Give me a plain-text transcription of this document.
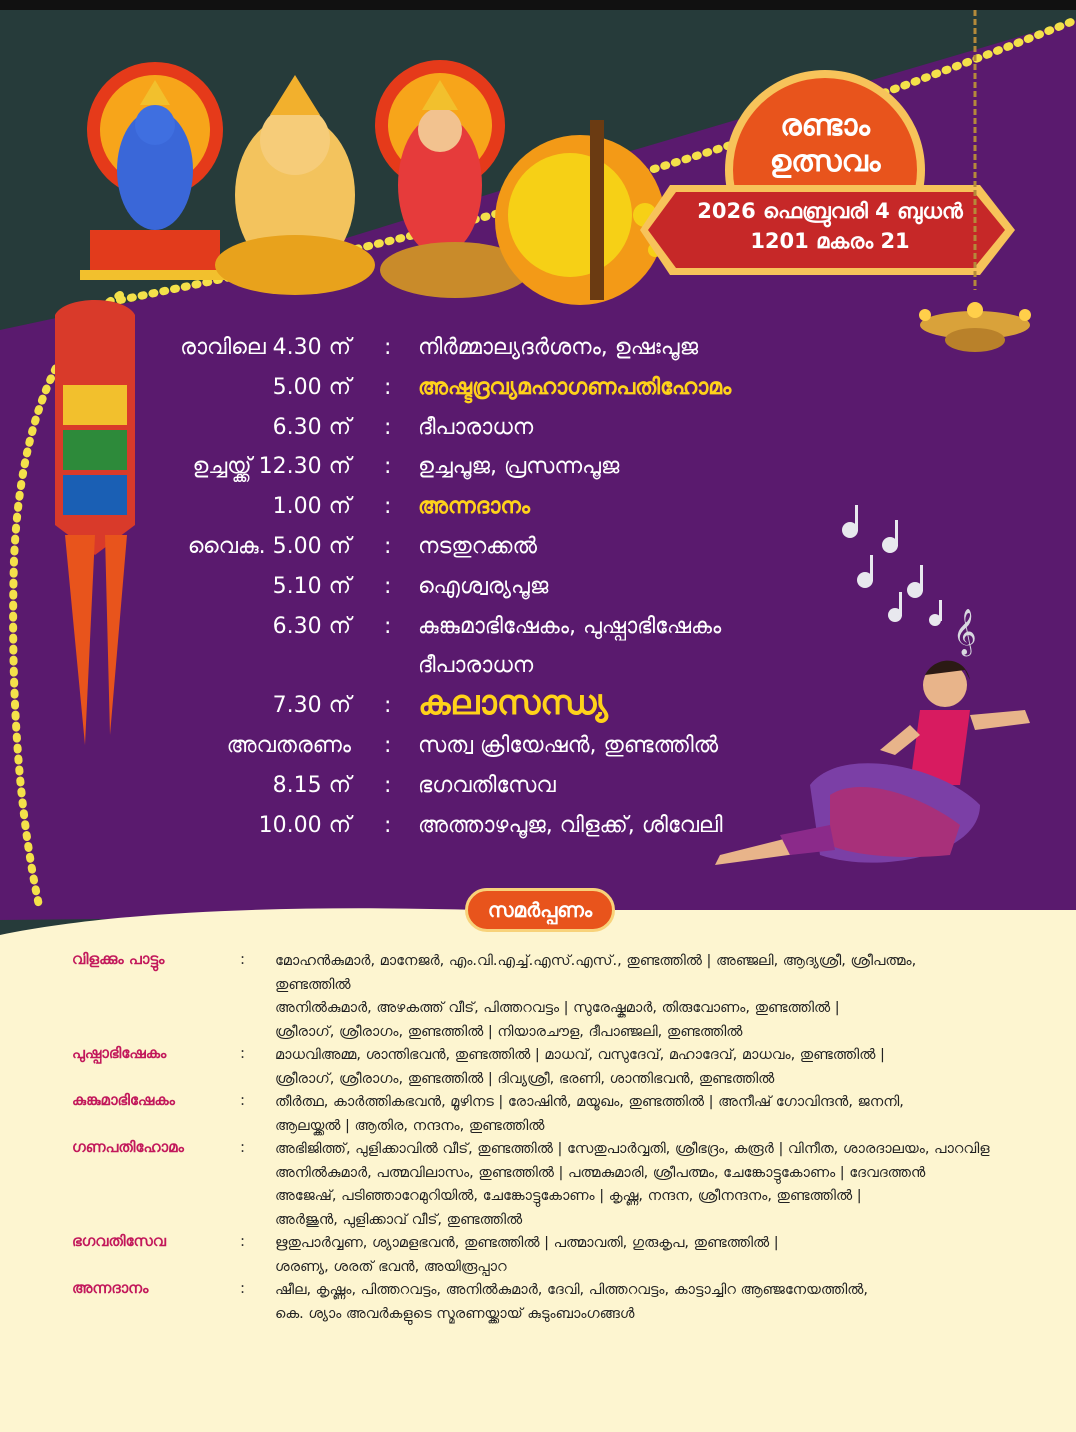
രണ്ടാം
ഉത്സവം
2026 ഫെബ്രുവരി 4 ബുധൻ
1201 മകരം 21
𝄞
രാവിലെ 4.30 ന് : നിർമ്മാല്യദർശനം, ഉഷഃപൂജ
5.00 ന് : അഷ്ടദ്രവ്യമഹാഗണപതിഹോമം
6.30 ന് : ദീപാരാധന
ഉച്ചയ്ക്ക് 12.30 ന് : ഉച്ചപൂജ, പ്രസന്നപൂജ
1.00 ന് : അന്നദാനം
വൈകു. 5.00 ന് : നടതുറക്കൽ
5.10 ന് : ഐശ്വര്യപൂജ
6.30 ന് : കുങ്കുമാഭിഷേകം, പുഷ്പാഭിഷേകം
ദീപാരാധന
7.30 ന് : കലാസന്ധ്യ
അവതരണം : സത്വ ക്രിയേഷൻ, തുണ്ടത്തിൽ
8.15 ന് : ഭഗവതിസേവ
10.00 ന് : അത്താഴപൂജ, വിളക്ക്, ശിവേലി
സമർപ്പണം
വിളക്കും പാട്ടും	: മോഹൻകുമാർ, മാനേജർ, എം.വി.എച്ച്.എസ്.എസ്., തുണ്ടത്തിൽ | അഞ്ജലി, ആദ്യശ്രീ, ശ്രീപത്മം,
തുണ്ടത്തിൽ
അനിൽകുമാർ, അഴകത്ത് വീട്, പിത്തറവട്ടം | സുരേഷ്കുമാർ, തിരുവോണം, തുണ്ടത്തിൽ |
ശ്രീരാഗ്, ശ്രീരാഗം, തുണ്ടത്തിൽ | നിയാരചൗള, ദീപാഞ്ജലി, തുണ്ടത്തിൽ
പുഷ്പാഭിഷേകം	: മാധവിഅമ്മ, ശാന്തിഭവൻ, തുണ്ടത്തിൽ | മാധവ്, വസുദേവ്, മഹാദേവ്, മാധവം, തുണ്ടത്തിൽ |
ശ്രീരാഗ്, ശ്രീരാഗം, തുണ്ടത്തിൽ | ദിവ്യശ്രീ, ഭരണി, ശാന്തിഭവൻ, തുണ്ടത്തിൽ
കുങ്കുമാഭിഷേകം	: തീർത്ഥ, കാർത്തികഭവൻ, മൂഴിനട | രോഷിൻ, മയൂഖം, തുണ്ടത്തിൽ | അനീഷ് ഗോവിന്ദൻ, ജനനി,
ആലയ്ക്കൽ | ആതിര, നന്ദനം, തുണ്ടത്തിൽ
ഗണപതിഹോമം	: അഭിജിത്ത്, പുളിക്കാവിൽ വീട്, തുണ്ടത്തിൽ | സേതുപാർവ്വതി, ശ്രീഭദ്രം, കരൂർ | വിനീത, ശാരദാലയം, പാറവിള
അനിൽകുമാർ, പത്മവിലാസം, തുണ്ടത്തിൽ | പത്മകുമാരി, ശ്രീപത്മം, ചേങ്കോട്ടുകോണം | ദേവദത്തൻ
അജേഷ്, പടിഞ്ഞാറേമുറിയിൽ, ചേങ്കോട്ടുകോണം | കൃഷ്ണ, നന്ദന, ശ്രീനന്ദനം, തുണ്ടത്തിൽ |
അർജുൻ, പുളിക്കാവ് വീട്, തുണ്ടത്തിൽ
ഭഗവതിസേവ	: ഋതുപാർവ്വണ, ശ്യാമളഭവൻ, തുണ്ടത്തിൽ | പത്മാവതി, ഗുരുകൃപ, തുണ്ടത്തിൽ |
ശരണ്യ, ശരത് ഭവൻ, അയിരൂപ്പാറ
അന്നദാനം	: ഷീല, കൃഷ്ണം, പിത്തറവട്ടം, അനിൽകുമാർ, ദേവി, പിത്തറവട്ടം, കാട്ടാച്ചിറ ആഞ്ജനേയത്തിൽ,
കെ. ശ്യാം അവർകളുടെ സ്മരണയ്ക്കായ് കുടുംബാംഗങ്ങൾ
